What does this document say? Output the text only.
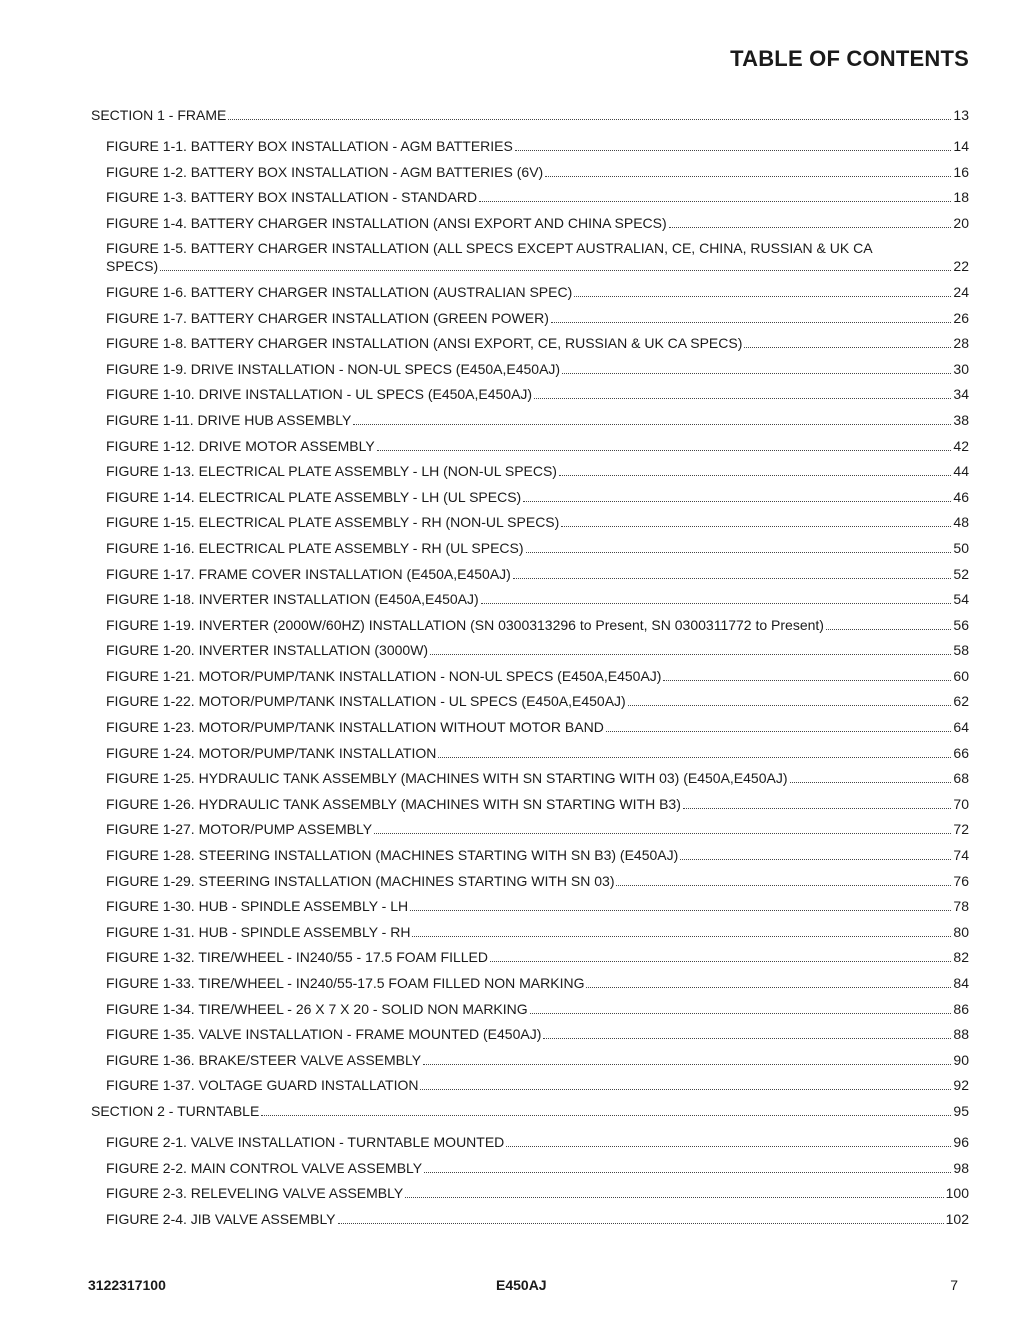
TABLE OF CONTENTS
SECTION 1 - FRAME	13
FIGURE 1-1. BATTERY BOX INSTALLATION - AGM BATTERIES	14
FIGURE 1-2. BATTERY BOX INSTALLATION - AGM BATTERIES (6V)	16
FIGURE 1-3. BATTERY BOX INSTALLATION - STANDARD	18
FIGURE 1-4. BATTERY CHARGER INSTALLATION (ANSI EXPORT AND CHINA SPECS)	20
FIGURE 1-5. BATTERY CHARGER INSTALLATION (ALL SPECS EXCEPT AUSTRALIAN, CE, CHINA, RUSSIAN & UK CA
SPECS)	22
FIGURE 1-6. BATTERY CHARGER INSTALLATION (AUSTRALIAN SPEC)	24
FIGURE 1-7. BATTERY CHARGER INSTALLATION (GREEN POWER)	26
FIGURE 1-8. BATTERY CHARGER INSTALLATION (ANSI EXPORT, CE, RUSSIAN & UK CA SPECS)	28
FIGURE 1-9. DRIVE INSTALLATION - NON-UL SPECS (E450A,E450AJ)	30
FIGURE 1-10. DRIVE INSTALLATION - UL SPECS (E450A,E450AJ)	34
FIGURE 1-11. DRIVE HUB ASSEMBLY	38
FIGURE 1-12. DRIVE MOTOR ASSEMBLY	42
FIGURE 1-13. ELECTRICAL PLATE ASSEMBLY - LH (NON-UL SPECS)	44
FIGURE 1-14. ELECTRICAL PLATE ASSEMBLY - LH (UL SPECS)	46
FIGURE 1-15. ELECTRICAL PLATE ASSEMBLY - RH (NON-UL SPECS)	48
FIGURE 1-16. ELECTRICAL PLATE ASSEMBLY - RH (UL SPECS)	50
FIGURE 1-17. FRAME COVER INSTALLATION (E450A,E450AJ)	52
FIGURE 1-18. INVERTER INSTALLATION (E450A,E450AJ)	54
FIGURE 1-19. INVERTER (2000W/60HZ) INSTALLATION (SN 0300313296 to Present, SN 0300311772 to Present)	56
FIGURE 1-20. INVERTER INSTALLATION (3000W)	58
FIGURE 1-21. MOTOR/PUMP/TANK INSTALLATION - NON-UL SPECS (E450A,E450AJ)	60
FIGURE 1-22. MOTOR/PUMP/TANK INSTALLATION - UL SPECS (E450A,E450AJ)	62
FIGURE 1-23. MOTOR/PUMP/TANK INSTALLATION WITHOUT MOTOR BAND	64
FIGURE 1-24. MOTOR/PUMP/TANK INSTALLATION	66
FIGURE 1-25. HYDRAULIC TANK ASSEMBLY (MACHINES WITH SN STARTING WITH 03) (E450A,E450AJ)	68
FIGURE 1-26. HYDRAULIC TANK ASSEMBLY (MACHINES WITH SN STARTING WITH B3)	70
FIGURE 1-27. MOTOR/PUMP ASSEMBLY	72
FIGURE 1-28. STEERING INSTALLATION (MACHINES STARTING WITH SN B3) (E450AJ)	74
FIGURE 1-29. STEERING INSTALLATION (MACHINES STARTING WITH SN 03)	76
FIGURE 1-30. HUB - SPINDLE ASSEMBLY - LH	78
FIGURE 1-31. HUB - SPINDLE ASSEMBLY - RH	80
FIGURE 1-32. TIRE/WHEEL - IN240/55 - 17.5 FOAM FILLED	82
FIGURE 1-33. TIRE/WHEEL - IN240/55-17.5 FOAM FILLED NON MARKING	84
FIGURE 1-34. TIRE/WHEEL - 26 X 7 X 20 - SOLID NON MARKING	86
FIGURE 1-35. VALVE INSTALLATION - FRAME MOUNTED (E450AJ)	88
FIGURE 1-36. BRAKE/STEER VALVE ASSEMBLY	90
FIGURE 1-37. VOLTAGE GUARD INSTALLATION	92
SECTION 2 - TURNTABLE	95
FIGURE 2-1. VALVE INSTALLATION - TURNTABLE MOUNTED	96
FIGURE 2-2. MAIN CONTROL VALVE ASSEMBLY	98
FIGURE 2-3. RELEVELING VALVE ASSEMBLY	100
FIGURE 2-4. JIB VALVE ASSEMBLY	102
3122317100	E450AJ	7
